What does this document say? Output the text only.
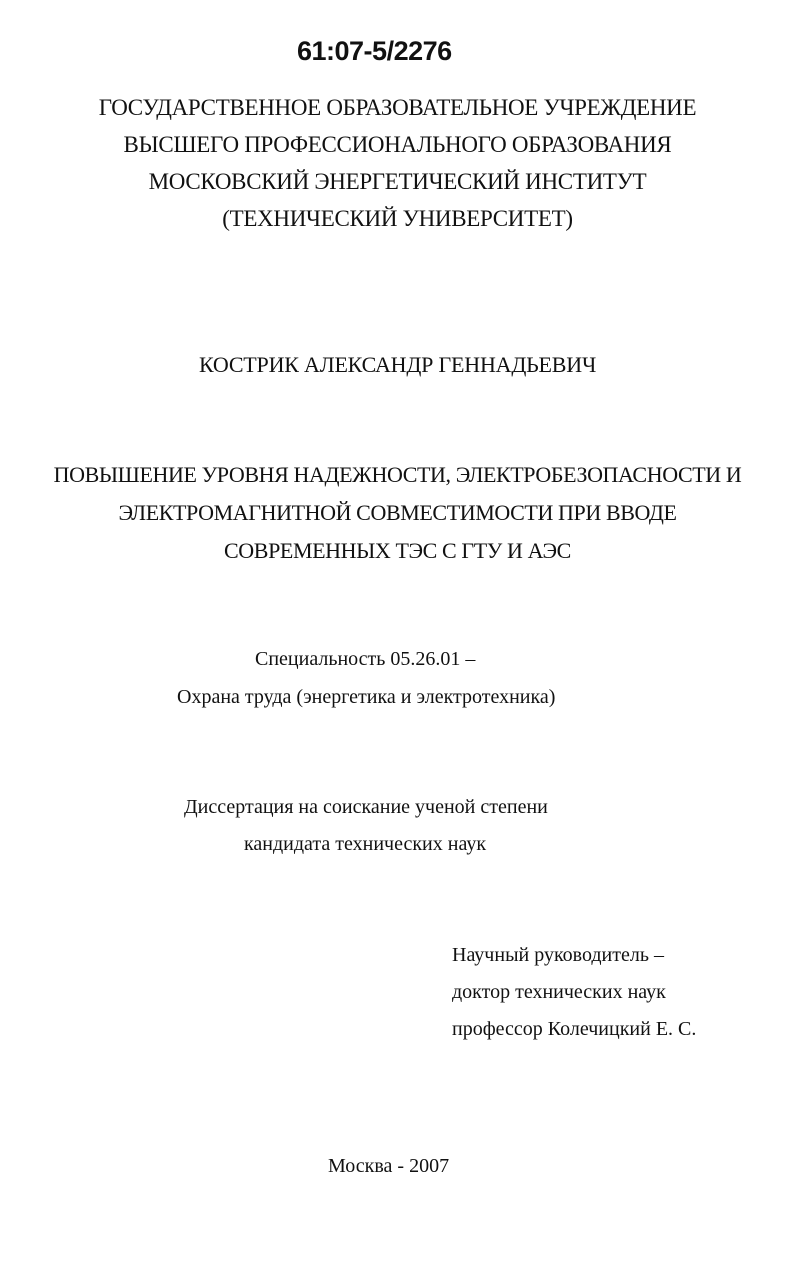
61:07-5/2276
ГОСУДАРСТВЕННОЕ ОБРАЗОВАТЕЛЬНОЕ УЧРЕЖДЕНИЕ
ВЫСШЕГО ПРОФЕССИОНАЛЬНОГО ОБРАЗОВАНИЯ
МОСКОВСКИЙ ЭНЕРГЕТИЧЕСКИЙ ИНСТИТУТ
(ТЕХНИЧЕСКИЙ УНИВЕРСИТЕТ)
КОСТРИК АЛЕКСАНДР ГЕННАДЬЕВИЧ
ПОВЫШЕНИЕ УРОВНЯ НАДЕЖНОСТИ, ЭЛЕКТРОБЕЗОПАСНОСТИ И
ЭЛЕКТРОМАГНИТНОЙ СОВМЕСТИМОСТИ ПРИ ВВОДЕ
СОВРЕМЕННЫХ ТЭС С ГТУ И АЭС
Специальность 05.26.01 –
Охрана труда (энергетика и электротехника)
Диссертация на соискание ученой степени
кандидата технических наук
Научный руководитель –
доктор технических наук
профессор Колечицкий Е. С.
Москва - 2007
